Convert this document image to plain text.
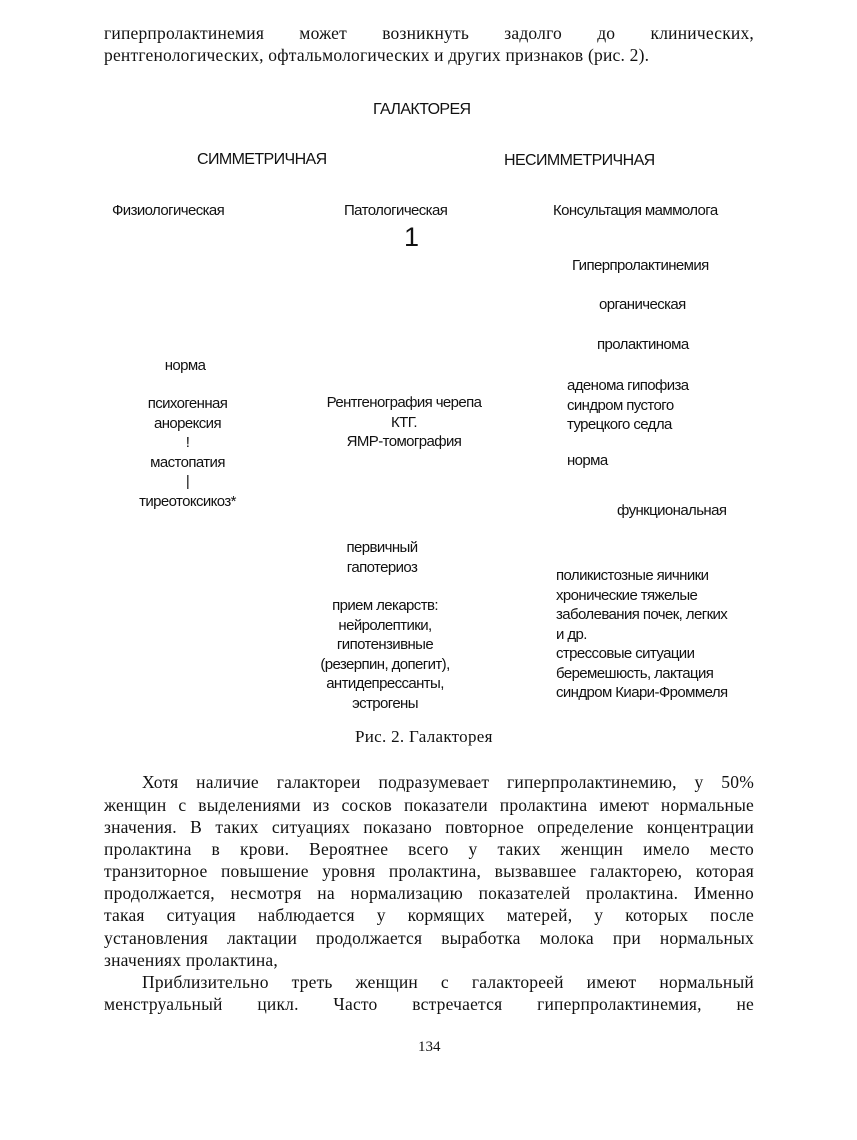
гиперпролактинемия может возникнуть задолго до клинических,
рентгенологических, офтальмологических и других признаков (рис. 2).
ГАЛАКТОРЕЯ
СИММЕТРИЧНАЯ	НЕСИММЕТРИЧНАЯ
Физиологическая	Патологическая	Консультация маммолога
1
норма
психогенная
анорексия
!
мастопатия
|
тиреотоксикоз*
Рентгенография черепа
КТГ.
ЯМР-томография
первичный
гапотериоз
прием лекарств:
нейролептики,
гипотензивные
(резерпин, допегит),
антидепрессанты,
эстрогены
Гиперпролактинемия
органическая
пролактинома
аденома гипофиза
синдром пустого
турецкого седла
норма
функциональная
поликистозные яичники
хронические тяжелые
заболевания почек, легких
и др.
стрессовые ситуации
беремешюсть, лактация
синдром Киари-Фроммеля
Рис. 2. Галакторея
Хотя наличие галактореи подразумевает гиперпролактинемию, у 50%
женщин с выделениями из сосков показатели пролактина имеют нормальные
значения. В таких ситуациях показано повторное определение концентрации
пролактина в крови. Вероятнее всего у таких женщин имело место
транзиторное повышение уровня пролактина, вызвавшее галакторею, которая
продолжается, несмотря на нормализацию показателей пролактина. Именно
такая ситуация наблюдается у кормящих матерей, у которых после
установления лактации продолжается выработка молока при нормальных
значениях пролактина,
Приблизительно треть женщин с галактореей имеют нормальный
менструальный цикл. Часто встречается гиперпролактинемия, не
134
